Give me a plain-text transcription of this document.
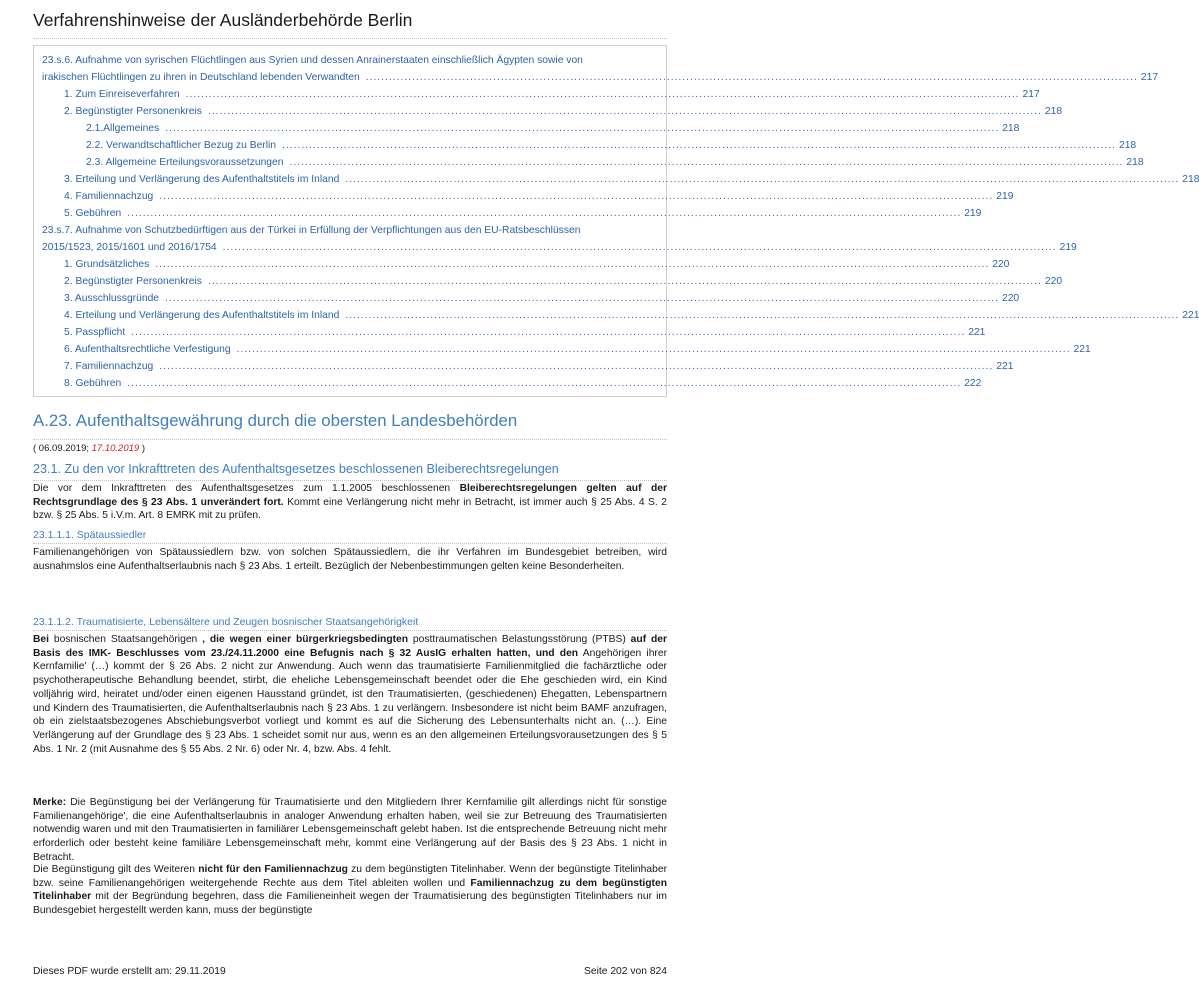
Verfahrenshinweise der Ausländerbehörde Berlin
23.s.6. Aufnahme von syrischen Flüchtlingen aus Syrien und dessen Anrainerstaaten einschließlich Ägypten sowie von
irakischen Flüchtlingen zu ihren in Deutschland lebenden Verwandten ........................................................................................................................................................................................................ 217
1. Zum Einreiseverfahren ........................................................................................................................................................................................................................ 217
2. Begünstigter Personenkreis ........................................................................................................................................................................................................................ 218
2.1.Allgemeines ........................................................................................................................................................................................................................ 218
2.2. Verwandtschaftlicher Bezug zu Berlin ........................................................................................................................................................................................................................ 218
2.3. Allgemeine Erteilungsvoraussetzungen ........................................................................................................................................................................................................................ 218
3. Erteilung und Verlängerung des Aufenthaltstitels im Inland ........................................................................................................................................................................................................................ 218
4. Familiennachzug ........................................................................................................................................................................................................................ 219
5. Gebühren ........................................................................................................................................................................................................................ 219
23.s.7. Aufnahme von Schutzbedürftigen aus der Türkei in Erfüllung der Verpflichtungen aus den EU-Ratsbeschlüssen
2015/1523, 2015/1601 und 2016/1754 ........................................................................................................................................................................................................................ 219
1. Grundsätzliches ........................................................................................................................................................................................................................ 220
2. Begünstigter Personenkreis ........................................................................................................................................................................................................................ 220
3. Ausschlussgründe ........................................................................................................................................................................................................................ 220
4. Erteilung und Verlängerung des Aufenthaltstitels im Inland ........................................................................................................................................................................................................................ 221
5. Passpflicht ........................................................................................................................................................................................................................ 221
6. Aufenthaltsrechtliche Verfestigung ........................................................................................................................................................................................................................ 221
7. Familiennachzug ........................................................................................................................................................................................................................ 221
8. Gebühren ........................................................................................................................................................................................................................ 222
A.23. Aufenthaltsgewährung durch die obersten Landesbehörden
( 06.09.2019; 17.10.2019 )
23.1. Zu den vor Inkrafttreten des Aufenthaltsgesetzes beschlossenen Bleiberechtsregelungen
Die vor dem Inkrafttreten des Aufenthaltsgesetzes zum 1.1.2005 beschlossenen Bleiberechtsregelungen gelten auf der Rechtsgrundlage des § 23 Abs. 1 unverändert fort. Kommt eine Verlängerung nicht mehr in Betracht, ist immer auch § 25 Abs. 4 S. 2 bzw. § 25 Abs. 5 i.V.m. Art. 8 EMRK mit zu prüfen.
23.1.1.1. Spätaussiedler
Familienangehörigen von Spätaussiedlern bzw. von solchen Spätaussiedlern, die ihr Verfahren im Bundesgebiet betreiben, wird ausnahmslos eine Aufenthaltserlaubnis nach § 23 Abs. 1 erteilt. Bezüglich der Nebenbestimmungen gelten keine Besonderheiten.
23.1.1.2. Traumatisierte, Lebensältere und Zeugen bosnischer Staatsangehörigkeit
Bei bosnischen Staatsangehörigen , die wegen einer bürgerkriegsbedingten posttraumatischen Belastungsstörung (PTBS) auf der Basis des IMK- Beschlusses vom 23./24.11.2000 eine Befugnis nach § 32 AusIG erhalten hatten, und den Angehörigen ihrer Kernfamilie' (…) kommt der § 26 Abs. 2 nicht zur Anwendung. Auch wenn das traumatisierte Familienmitglied die fachärztliche oder psychotherapeutische Behandlung beendet, stirbt, die eheliche Lebensgemeinschaft beendet oder die Ehe geschieden wird, ein Kind volljährig wird, heiratet und/oder einen eigenen Hausstand gründet, ist den Traumatisierten, (geschiedenen) Ehegatten, Lebenspartnern und Kindern des Traumatisierten, die Aufenthaltserlaubnis nach § 23 Abs. 1 zu verlängern. Insbesondere ist nicht beim BAMF anzufragen, ob ein zielstaatsbezogenes Abschiebungsverbot vorliegt und kommt es auf die Sicherung des Lebensunterhalts nicht an. (…). Eine Verlängerung auf der Grundlage des § 23 Abs. 1 scheidet somit nur aus, wenn es an den allgemeinen Erteilungsvorausetzungen des § 5 Abs. 1 Nr. 2 (mit Ausnahme des § 55 Abs. 2 Nr. 6) oder Nr. 4, bzw. Abs. 4 fehlt.
Merke: Die Begünstigung bei der Verlängerung für Traumatisierte und den Mitgliedern Ihrer Kernfamilie gilt allerdings nicht für sonstige Familienangehörige', die eine Aufenthaltserlaubnis in analoger Anwendung erhalten haben, weil sie zur Betreuung des Traumatisierten notwendig waren und mit den Traumatisierten in familiärer Lebensgemeinschaft gelebt haben. Ist die entsprechende Betreuung nicht mehr erforderlich oder besteht keine familiäre Lebensgemeinschaft mehr, kommt eine Verlängerung auf der Basis des § 23 Abs. 1 nicht in Betracht.
Die Begünstigung gilt des Weiteren nicht für den Familiennachzug zu dem begünstigten Titelinhaber. Wenn der begünstigte Titelinhaber bzw. seine Familienangehörigen weitergehende Rechte aus dem Titel ableiten wollen und Familiennachzug zu dem begünstigten Titelinhaber mit der Begründung begehren, dass die Familieneinheit wegen der Traumatisierung des begünstigten Titelinhabers nur im Bundesgebiet hergestellt werden kann, muss der begünstigte
Dieses PDF wurde erstellt am: 29.11.2019	Seite 202 von 824
